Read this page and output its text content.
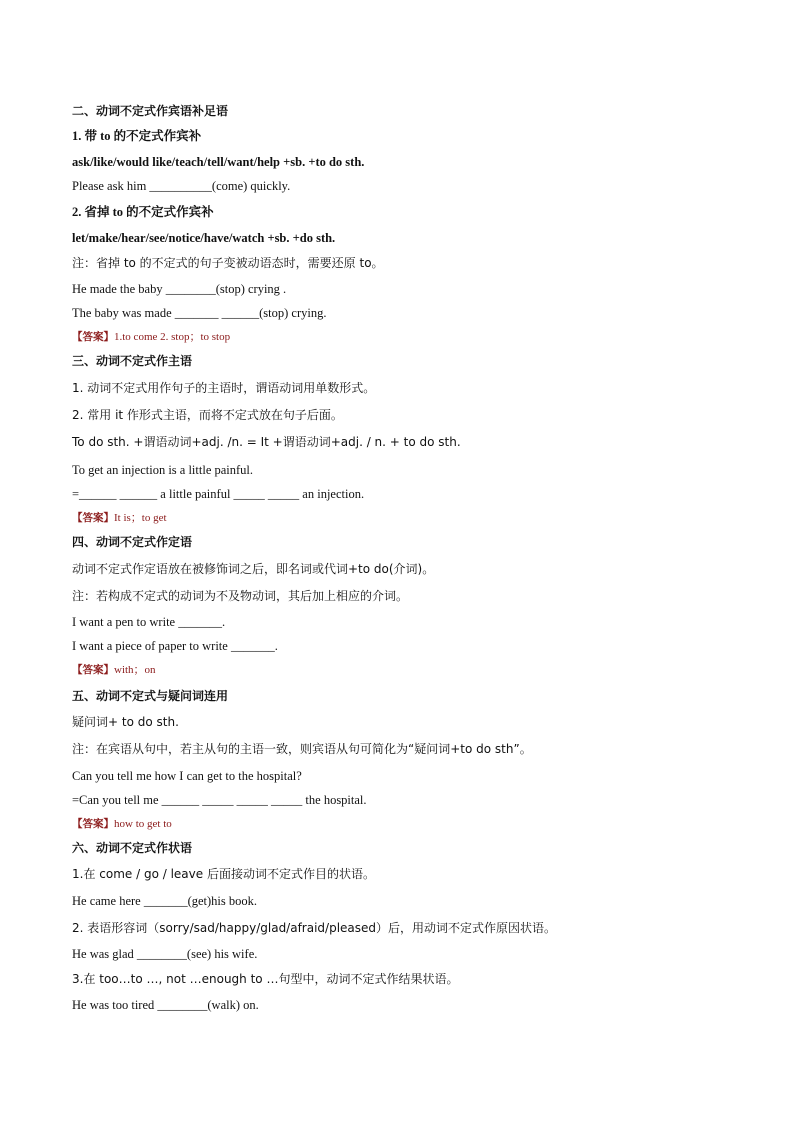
二、动词不定式作宾语补足语
1. 带 to 的不定式作宾补
ask/like/would like/teach/tell/want/help +sb. +to do sth.
Please ask him __________(come) quickly.
2. 省掉 to 的不定式作宾补
let/make/hear/see/notice/have/watch +sb. +do sth.
注：省掉 to 的不定式的句子变被动语态时，需要还原 to。
He made the baby ________(stop) crying .
The baby was made _______ ______(stop) crying.
【答案】1.to come 2. stop；to stop
三、动词不定式作主语
1. 动词不定式用作句子的主语时，谓语动词用单数形式。
2. 常用 it 作形式主语，而将不定式放在句子后面。
To do sth. +谓语动词+adj. /n. = It +谓语动词+adj. / n. + to do sth.
To get an injection is a little painful.
=______ ______ a little painful _____ _____ an injection.
【答案】It is；to get
四、动词不定式作定语
动词不定式作定语放在被修饰词之后，即名词或代词+to do(介词)。
注：若构成不定式的动词为不及物动词，其后加上相应的介词。
I want a pen to write _______.
I want a piece of paper to write _______.
【答案】with；on
五、动词不定式与疑问词连用
疑问词+ to do sth.
注：在宾语从句中，若主从句的主语一致，则宾语从句可简化为“疑问词+to do sth”。
Can you tell me how I can get to the hospital?
=Can you tell me ______ _____ _____ _____ the hospital.
【答案】how to get to
六、动词不定式作状语
1.在 come / go / leave 后面接动词不定式作目的状语。
He came here _______(get)his book.
2. 表语形容词（sorry/sad/happy/glad/afraid/pleased）后，用动词不定式作原因状语。
He was glad ________(see) his wife.
3.在 too…to …, not …enough to …句型中，动词不定式作结果状语。
He was too tired ________(walk) on.
